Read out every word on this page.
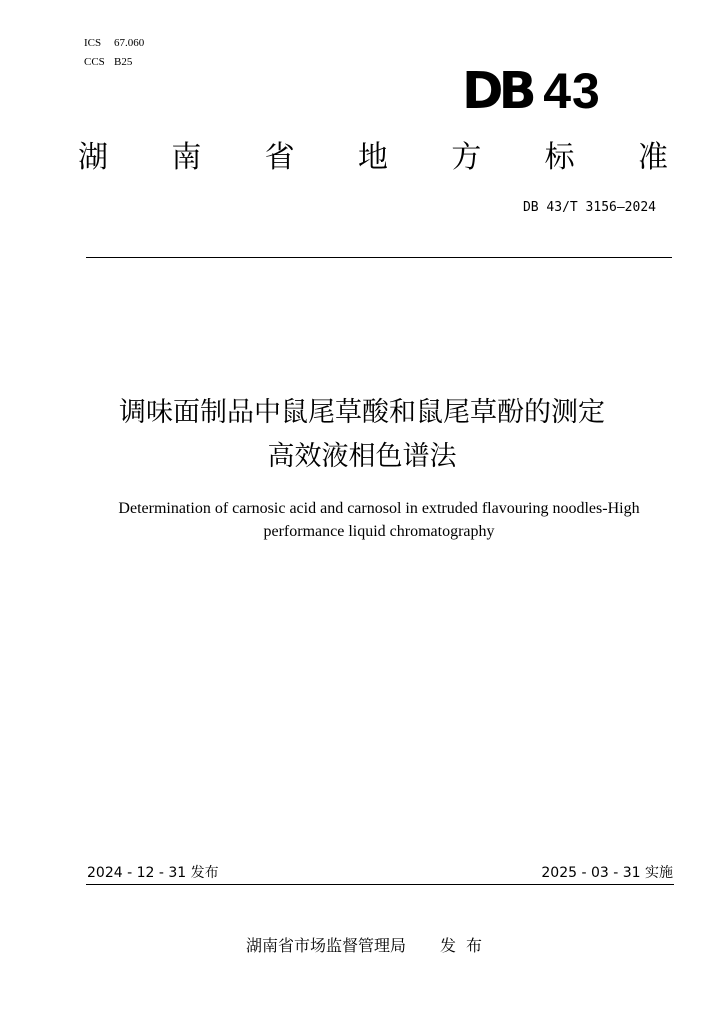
ICS 67.060
CCS B25	DB 43
湖 南 省 地 方 标 准
DB 43/T 3156—2024
调味面制品中鼠尾草酸和鼠尾草酚的测定
高效液相色谱法
Determination of carnosic acid and carnosol in extruded flavouring noodles-High performance liquid chromatography
2024 - 12 - 31 发布	2025 - 03 - 31 实施
湖南省市场监督管理局 发布
